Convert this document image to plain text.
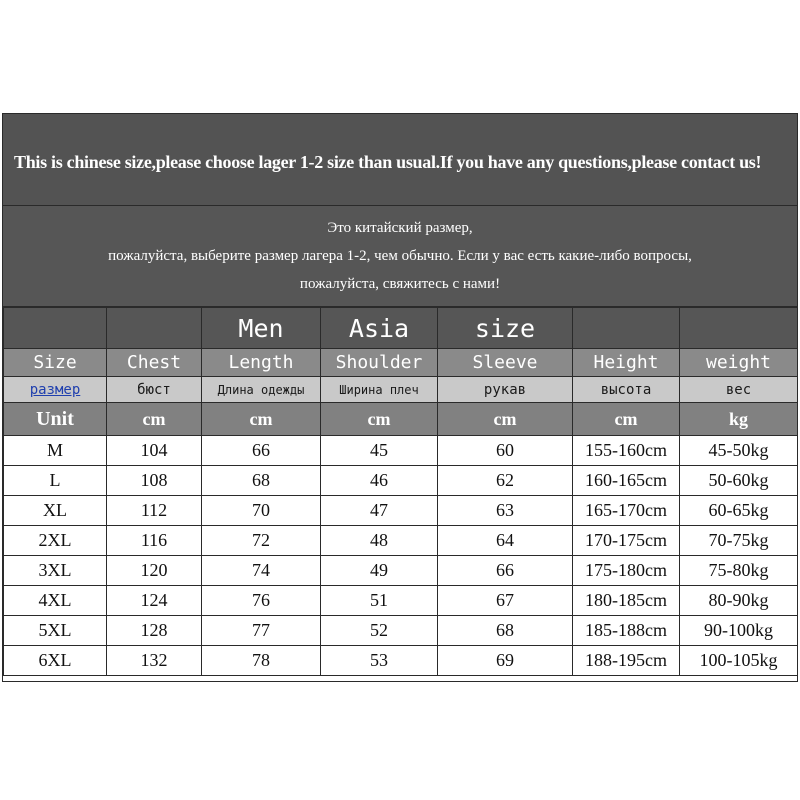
This is chinese size,please choose lager 1-2 size than usual.If you have any questions,please contact us!
Это китайский размер,
пожалуйста, выберите размер лагера 1-2, чем обычно. Если у вас есть какие-либо вопросы,
пожалуйста, свяжитесь с нами!
		Men	Asia	size		
Size	Chest	Length	Shoulder	Sleeve	Height	weight
размер	бюст	Длина одежды	Ширина плеч	рукав	высота	вес
Unit	cm	cm	cm	cm	cm	kg
M	104	66	45	60	155-160cm	45-50kg
L	108	68	46	62	160-165cm	50-60kg
XL	112	70	47	63	165-170cm	60-65kg
2XL	116	72	48	64	170-175cm	70-75kg
3XL	120	74	49	66	175-180cm	75-80kg
4XL	124	76	51	67	180-185cm	80-90kg
5XL	128	77	52	68	185-188cm	90-100kg
6XL	132	78	53	69	188-195cm	100-105kg
